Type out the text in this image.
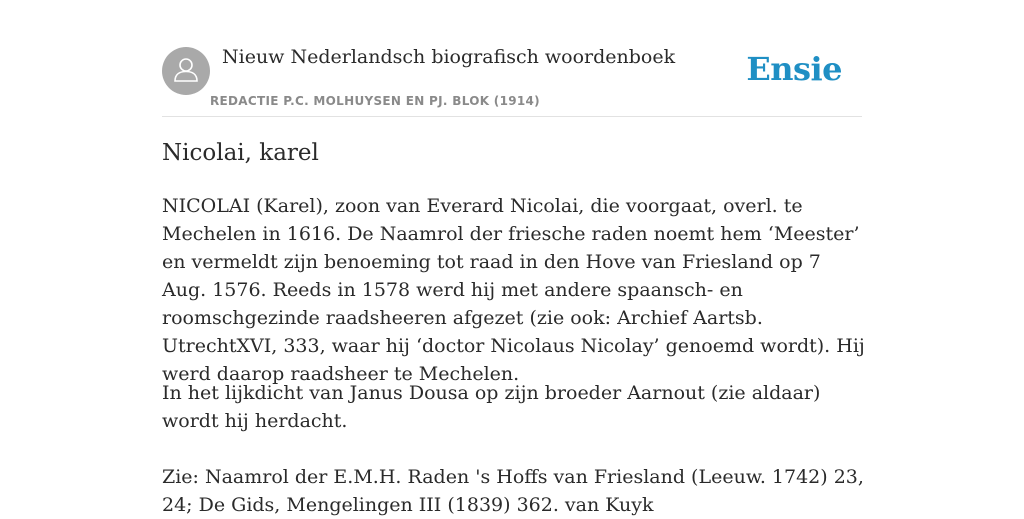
Nieuw Nederlandsch biografisch woordenboek
REDACTIE P.C. MOLHUYSEN EN PJ. BLOK (1914)
Ensie
Nicolai, karel

NICOLAI (Karel), zoon van Everard Nicolai, die voorgaat, overl. te Mechelen in 1616. De Naamrol der friesche raden noemt hem ‘Meester’ en vermeldt zijn benoeming tot raad in den Hove van Friesland op 7 Aug. 1576. Reeds in 1578 werd hij met andere spaansch- en roomschgezinde raadsheeren afgezet (zie ook: Archief Aartsb. UtrechtXVI, 333, waar hij ‘doctor Nicolaus Nicolay’ genoemd wordt). Hij werd daarop raadsheer te Mechelen.

In het lijkdicht van Janus Dousa op zijn broeder Aarnout (zie aldaar) wordt hij herdacht.

Zie: Naamrol der E.M.H. Raden 's Hoffs van Friesland (Leeuw. 1742) 23, 24; De Gids, Mengelingen III (1839) 362. van Kuyk
